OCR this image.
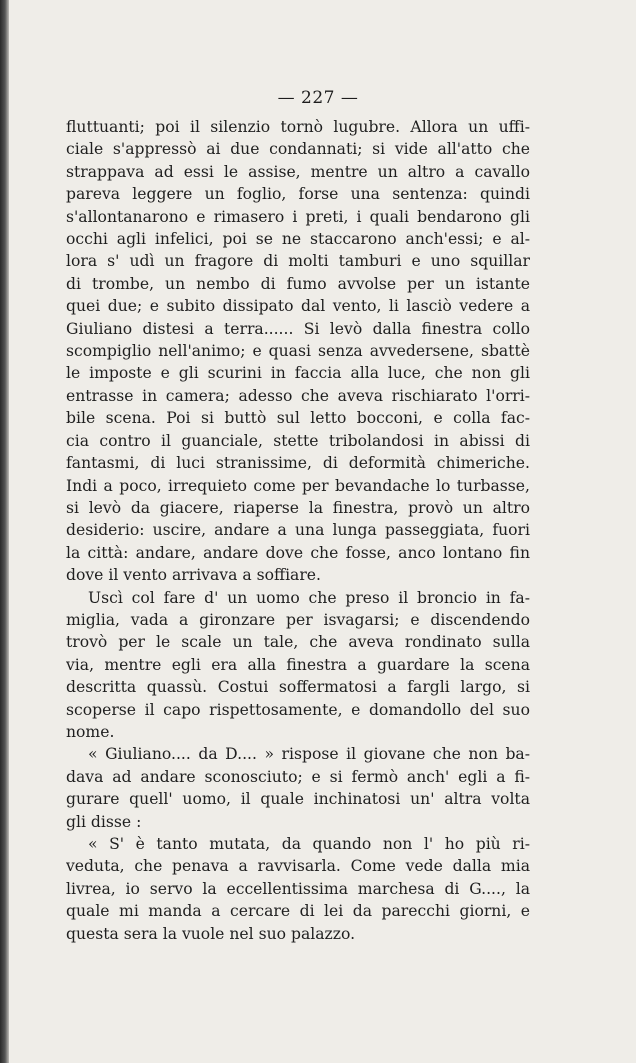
— 227 —
fluttuanti; poi il silenzio tornò lugubre. Allora un uffi-
ciale s'appressò ai due condannati; si vide all'atto che
strappava ad essi le assise, mentre un altro a cavallo
pareva leggere un foglio, forse una sentenza: quindi
s'allontanarono e rimasero i preti, i quali bendarono gli
occhi agli infelici, poi se ne staccarono anch'essi; e al-
lora s' udì un fragore di molti tamburi e uno squillar
di trombe, un nembo di fumo avvolse per un istante
quei due; e subito dissipato dal vento, li lasciò vedere a
Giuliano distesi a terra...... Si levò dalla finestra collo
scompiglio nell'animo; e quasi senza avvedersene, sbattè
le imposte e gli scurini in faccia alla luce, che non gli
entrasse in camera; adesso che aveva rischiarato l'orri-
bile scena. Poi si buttò sul letto bocconi, e colla fac-
cia contro il guanciale, stette tribolandosi in abissi di
fantasmi, di luci stranissime, di deformità chimeriche.
Indi a poco, irrequieto come per bevandache lo turbasse,
si levò da giacere, riaperse la finestra, provò un altro
desiderio: uscire, andare a una lunga passeggiata, fuori
la città: andare, andare dove che fosse, anco lontano fin
dove il vento arrivava a soffiare.
Uscì col fare d' un uomo che preso il broncio in fa-
miglia, vada a gironzare per isvagarsi; e discendendo
trovò per le scale un tale, che aveva rondinato sulla
via, mentre egli era alla finestra a guardare la scena
descritta quassù. Costui soffermatosi a fargli largo, si
scoperse il capo rispettosamente, e domandollo del suo
nome.
« Giuliano.... da D.... » rispose il giovane che non ba-
dava ad andare sconosciuto; e si fermò anch' egli a fi-
gurare quell' uomo, il quale inchinatosi un' altra volta
gli disse :
« S' è tanto mutata, da quando non l' ho più ri-
veduta, che penava a ravvisarla. Come vede dalla mia
livrea, io servo la eccellentissima marchesa di G...., la
quale mi manda a cercare di lei da parecchi giorni, e
questa sera la vuole nel suo palazzo.
